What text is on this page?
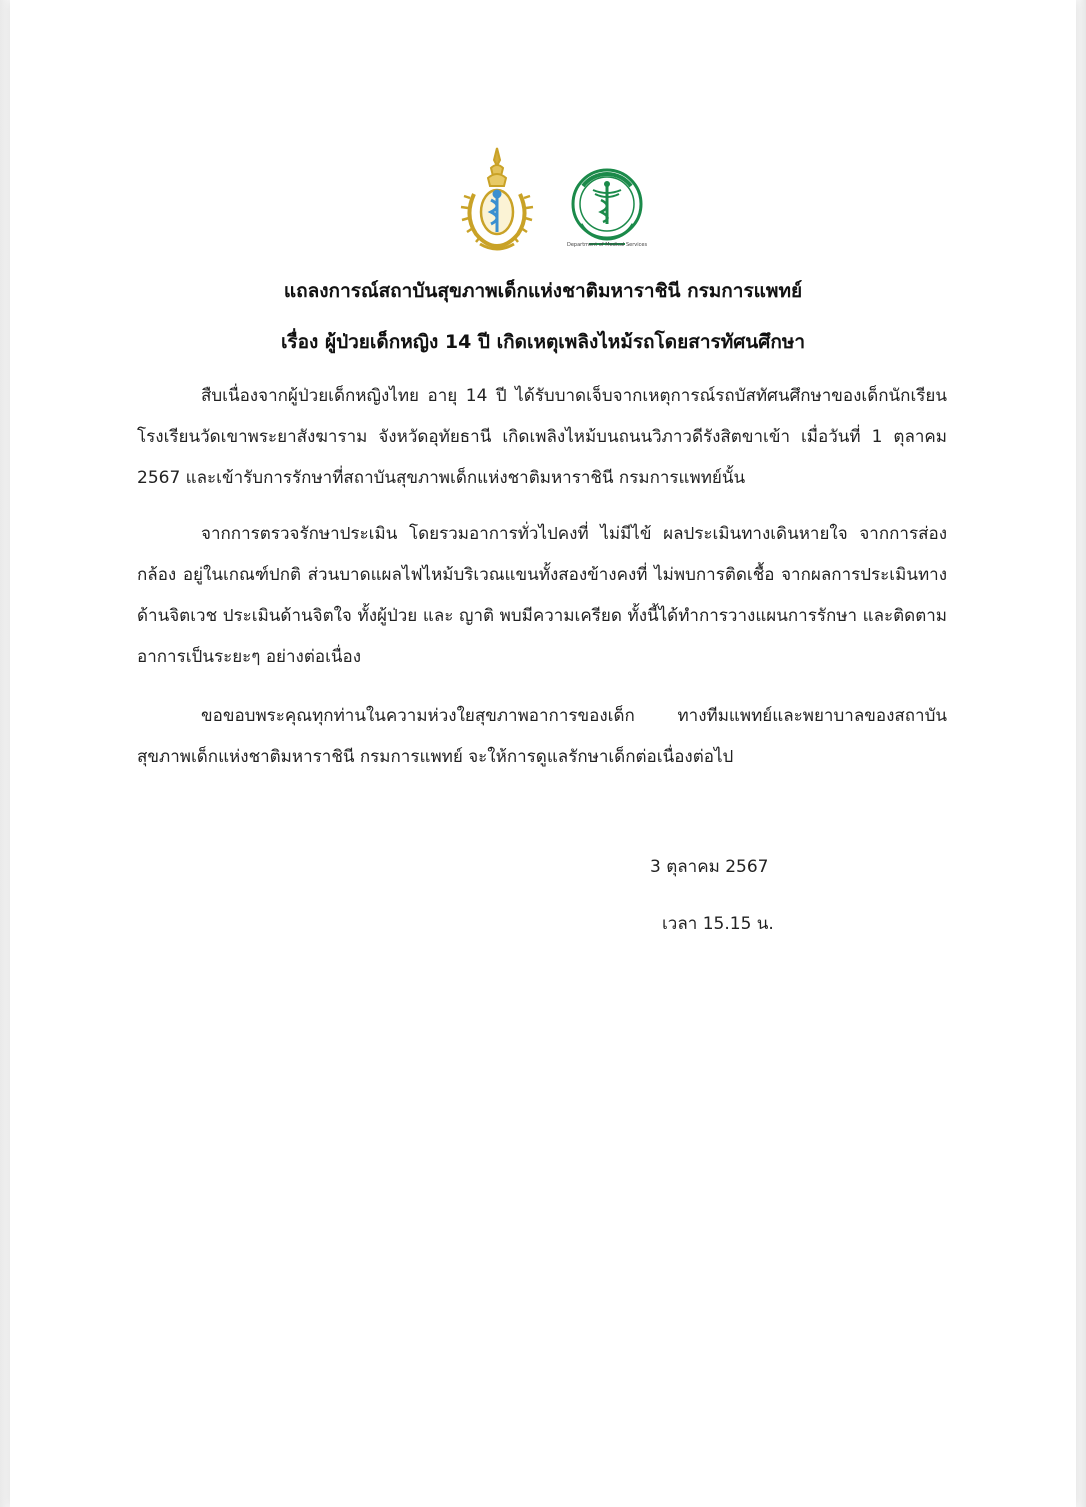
Department of Medical Services
แถลงการณ์สถาบันสุขภาพเด็กแห่งชาติมหาราชินี กรมการแพทย์
เรื่อง ผู้ป่วยเด็กหญิง 14 ปี เกิดเหตุเพลิงไหม้รถโดยสารทัศนศึกษา

สืบเนื่องจากผู้ป่วยเด็กหญิงไทย อายุ 14 ปี ได้รับบาดเจ็บจากเหตุการณ์รถบัสทัศนศึกษาของเด็กนักเรียนโรงเรียนวัดเขาพระยาสังฆาราม จังหวัดอุทัยธานี เกิดเพลิงไหม้บนถนนวิภาวดีรังสิตขาเข้า เมื่อวันที่ 1 ตุลาคม 2567 และเข้ารับการรักษาที่สถาบันสุขภาพเด็กแห่งชาติมหาราชินี กรมการแพทย์นั้น

จากการตรวจรักษาประเมิน โดยรวมอาการทั่วไปคงที่ ไม่มีไข้ ผลประเมินทางเดินหายใจ จากการส่องกล้อง อยู่ในเกณฑ์ปกติ ส่วนบาดแผลไฟไหม้บริเวณแขนทั้งสองข้างคงที่ ไม่พบการติดเชื้อ จากผลการประเมินทางด้านจิตเวช ประเมินด้านจิตใจ ทั้งผู้ป่วย และ ญาติ พบมีความเครียด ทั้งนี้ได้ทำการวางแผนการรักษา และติดตามอาการเป็นระยะๆ อย่างต่อเนื่อง

ขอขอบพระคุณทุกท่านในความห่วงใยสุขภาพอาการของเด็ก ทางทีมแพทย์และพยาบาลของสถาบันสุขภาพเด็กแห่งชาติมหาราชินี กรมการแพทย์ จะให้การดูแลรักษาเด็กต่อเนื่องต่อไป

3 ตุลาคม 2567
เวลา 15.15 น.
